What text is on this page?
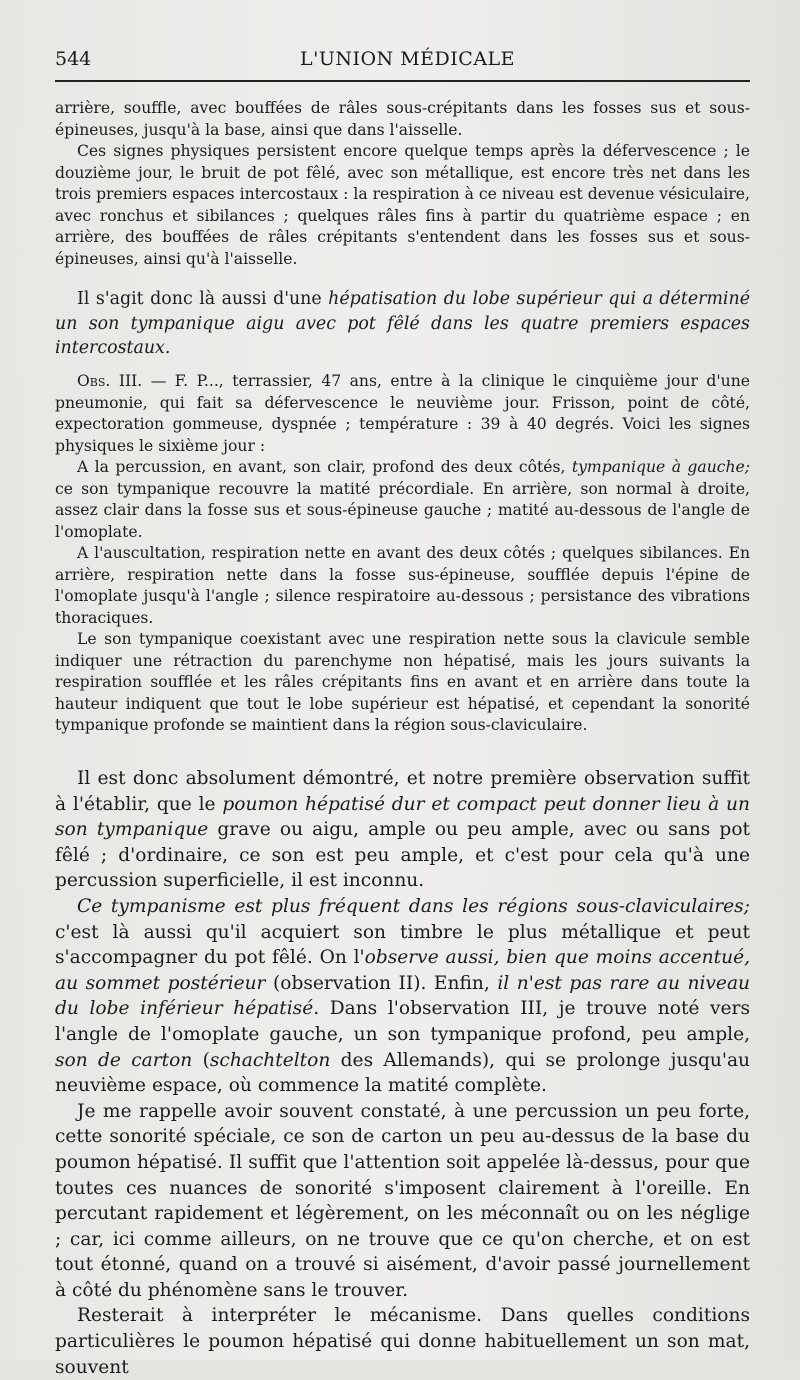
544	L'UNION MÉDICALE

arrière, souffle, avec bouffées de râles sous-crépitants dans les fosses sus et sous-épineuses, jusqu'à la base, ainsi que dans l'aisselle.

Ces signes physiques persistent encore quelque temps après la défervescence ; le douzième jour, le bruit de pot fêlé, avec son métallique, est encore très net dans les trois premiers espaces intercostaux : la respiration à ce niveau est devenue vésiculaire, avec ronchus et sibilances ; quelques râles fins à partir du quatrième espace ; en arrière, des bouffées de râles crépitants s'entendent dans les fosses sus et sous-épineuses, ainsi qu'à l'aisselle.

Il s'agit donc là aussi d'une hépatisation du lobe supérieur qui a déterminé un son tympanique aigu avec pot fêlé dans les quatre premiers espaces intercostaux.

Obs. III. — F. P..., terrassier, 47 ans, entre à la clinique le cinquième jour d'une pneumonie, qui fait sa défervescence le neuvième jour. Frisson, point de côté, expectoration gommeuse, dyspnée ; température : 39 à 40 degrés. Voici les signes physiques le sixième jour :

A la percussion, en avant, son clair, profond des deux côtés, tympanique à gauche; ce son tympanique recouvre la matité précordiale. En arrière, son normal à droite, assez clair dans la fosse sus et sous-épineuse gauche ; matité au-dessous de l'angle de l'omoplate.

A l'auscultation, respiration nette en avant des deux côtés ; quelques sibilances. En arrière, respiration nette dans la fosse sus-épineuse, soufflée depuis l'épine de l'omoplate jusqu'à l'angle ; silence respiratoire au-dessous ; persistance des vibrations thoraciques.

Le son tympanique coexistant avec une respiration nette sous la clavicule semble indiquer une rétraction du parenchyme non hépatisé, mais les jours suivants la respiration soufflée et les râles crépitants fins en avant et en arrière dans toute la hauteur indiquent que tout le lobe supérieur est hépatisé, et cependant la sonorité tympanique profonde se maintient dans la région sous-claviculaire.

Il est donc absolument démontré, et notre première observation suffit à l'établir, que le poumon hépatisé dur et compact peut donner lieu à un son tympanique grave ou aigu, ample ou peu ample, avec ou sans pot fêlé ; d'ordinaire, ce son est peu ample, et c'est pour cela qu'à une percussion superficielle, il est inconnu.

Ce tympanisme est plus fréquent dans les régions sous-claviculaires; c'est là aussi qu'il acquiert son timbre le plus métallique et peut s'accompagner du pot fêlé. On l'observe aussi, bien que moins accentué, au sommet postérieur (observation II). Enfin, il n'est pas rare au niveau du lobe inférieur hépatisé. Dans l'observation III, je trouve noté vers l'angle de l'omoplate gauche, un son tympanique profond, peu ample, son de carton (schachtelton des Allemands), qui se prolonge jusqu'au neuvième espace, où commence la matité complète.

Je me rappelle avoir souvent constaté, à une percussion un peu forte, cette sonorité spéciale, ce son de carton un peu au-dessus de la base du poumon hépatisé. Il suffit que l'attention soit appelée là-dessus, pour que toutes ces nuances de sonorité s'imposent clairement à l'oreille. En percutant rapidement et légèrement, on les méconnaît ou on les néglige ; car, ici comme ailleurs, on ne trouve que ce qu'on cherche, et on est tout étonné, quand on a trouvé si aisément, d'avoir passé journellement à côté du phénomène sans le trouver.

Resterait à interpréter le mécanisme. Dans quelles conditions particulières le poumon hépatisé qui donne habituellement un son mat, souvent
